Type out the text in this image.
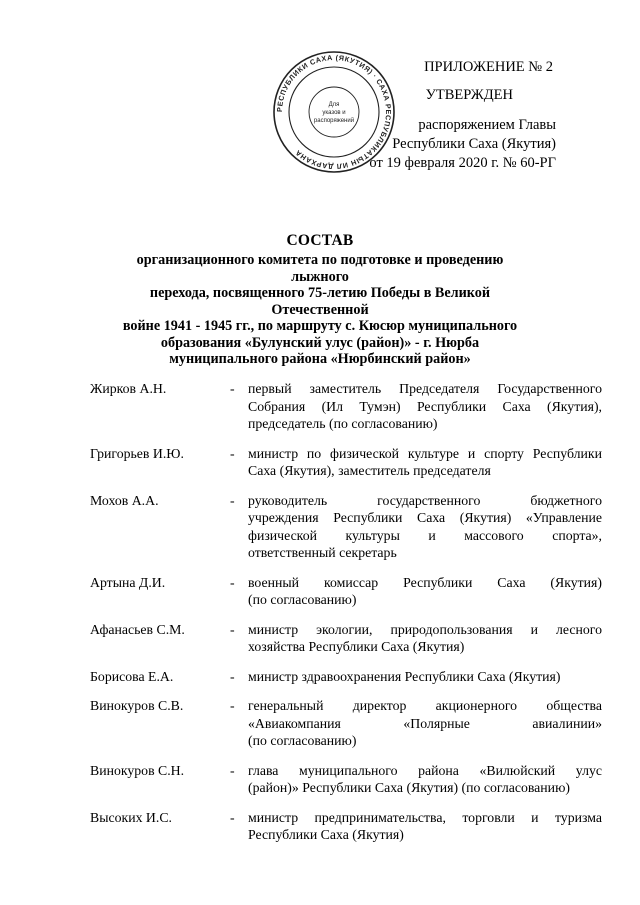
РЕСПУБЛИКИ САХА (ЯКУТИЯ) · САХА РЕСПУБЛИКАТЫН ИЛ ДАРХАНА
Для
указов и
распоряжений
ПРИЛОЖЕНИЕ № 2
УТВЕРЖДЕН
распоряжением Главы
Республики Саха (Якутия)
от 19 февраля 2020 г. № 60-РГ
СОСТАВ
организационного комитета по подготовке и проведению лыжного
перехода, посвященного 75-летию Победы в Великой Отечественной
войне 1941 - 1945 гг., по маршруту с. Кюсюр муниципального
образования «Булунский улус (район)» - г. Нюрба
муниципального района «Нюрбинский район»
Жирков А.Н.	- первый заместитель Председателя Государственного
Собрания (Ил Тумэн) Республики Саха (Якутия),
председатель (по согласованию)
Григорьев И.Ю.	- министр по физической культуре и спорту Республики
Саха (Якутия), заместитель председателя
Мохов А.А.	- руководитель государственного бюджетного
учреждения Республики Саха (Якутия) «Управление
физической культуры и массового спорта»,
ответственный секретарь
Артына Д.И.	- военный комиссар Республики Саха (Якутия)
(по согласованию)
Афанасьев С.М.	- министр экологии, природопользования и лесного
хозяйства Республики Саха (Якутия)
Борисова Е.А.	- министр здравоохранения Республики Саха (Якутия)
Винокуров С.В.	- генеральный директор акционерного общества
«Авиакомпания «Полярные авиалинии»
(по согласованию)
Винокуров С.Н.	- глава муниципального района «Вилюйский улус
(район)» Республики Саха (Якутия) (по согласованию)
Высоких И.С.	- министр предпринимательства, торговли и туризма
Республики Саха (Якутия)
